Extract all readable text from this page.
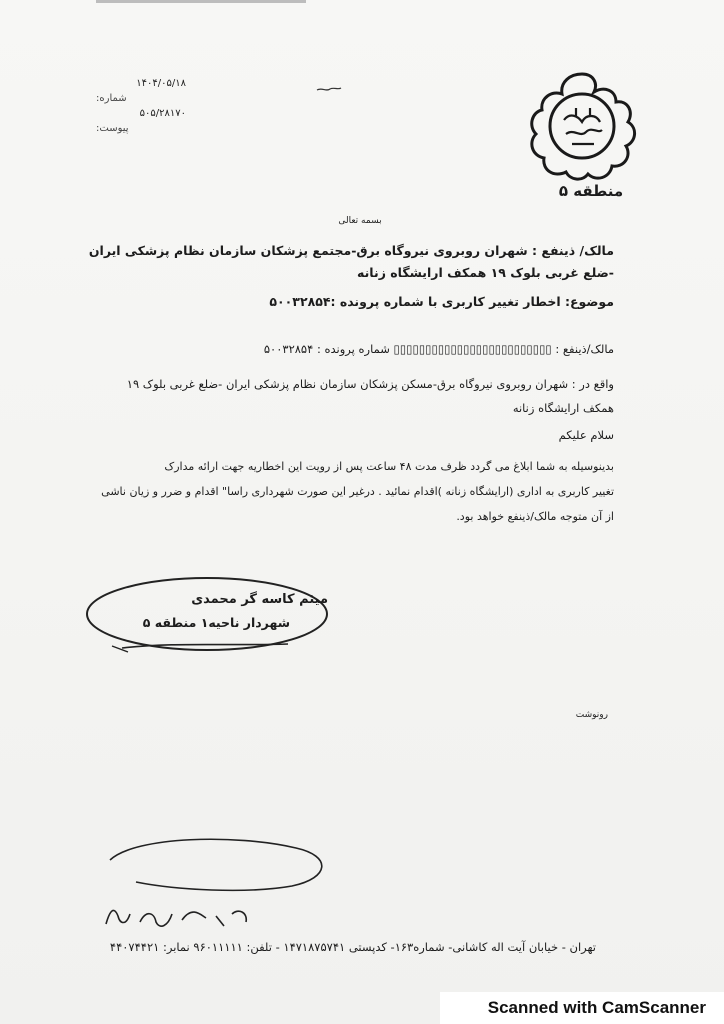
منطقه ۵
۱۴۰۴/۰۵/۱۸
شماره:
۵۰۵/۲۸۱۷۰
پیوست:
بسمه تعالی
مالک/ ذینفع : شهران روبروی نیروگاه برق-مجتمع پزشکان سازمان نظام پزشکی ایران -ضلع غربی بلوک ۱۹ همکف ارایشگاه زنانه
موضوع: اخطار تغییر کاربری با شماره پرونده :۵۰۰۳۲۸۵۴
مالک/ذینفع : ▯▯▯▯▯▯▯▯▯▯▯▯▯▯▯▯▯▯▯▯▯▯▯▯▯ شماره پرونده : ۵۰۰۳۲۸۵۴
واقع در : شهران روبروی نیروگاه برق-مسکن پزشکان سازمان نظام پزشکی ایران -ضلع غربی بلوک ۱۹ همکف ارایشگاه زنانه
سلام علیکم
بدینوسیله به شما ابلاغ می گردد ظرف مدت ۴۸ ساعت پس از رویت این اخطاریه جهت ارائه مدارک
تغییر کاربری به اداری (ارایشگاه زنانه )اقدام نمائید . درغیر این صورت شهرداری راسا" اقدام و ضرر و زیان ناشی
از آن متوجه مالک/ذینفع خواهد بود.
میثم کاسه گر محمدی
شهردار ناحیه۱ منطقه ۵
رونوشت
تهران - خیابان آیت اله کاشانی- شماره۱۶۳- کدپستی ۱۴۷۱۸۷۵۷۴۱ - تلفن: ۹۶۰۱۱۱۱۱ نمابر: ۴۴۰۷۴۴۲۱
Scanned with CamScanner
